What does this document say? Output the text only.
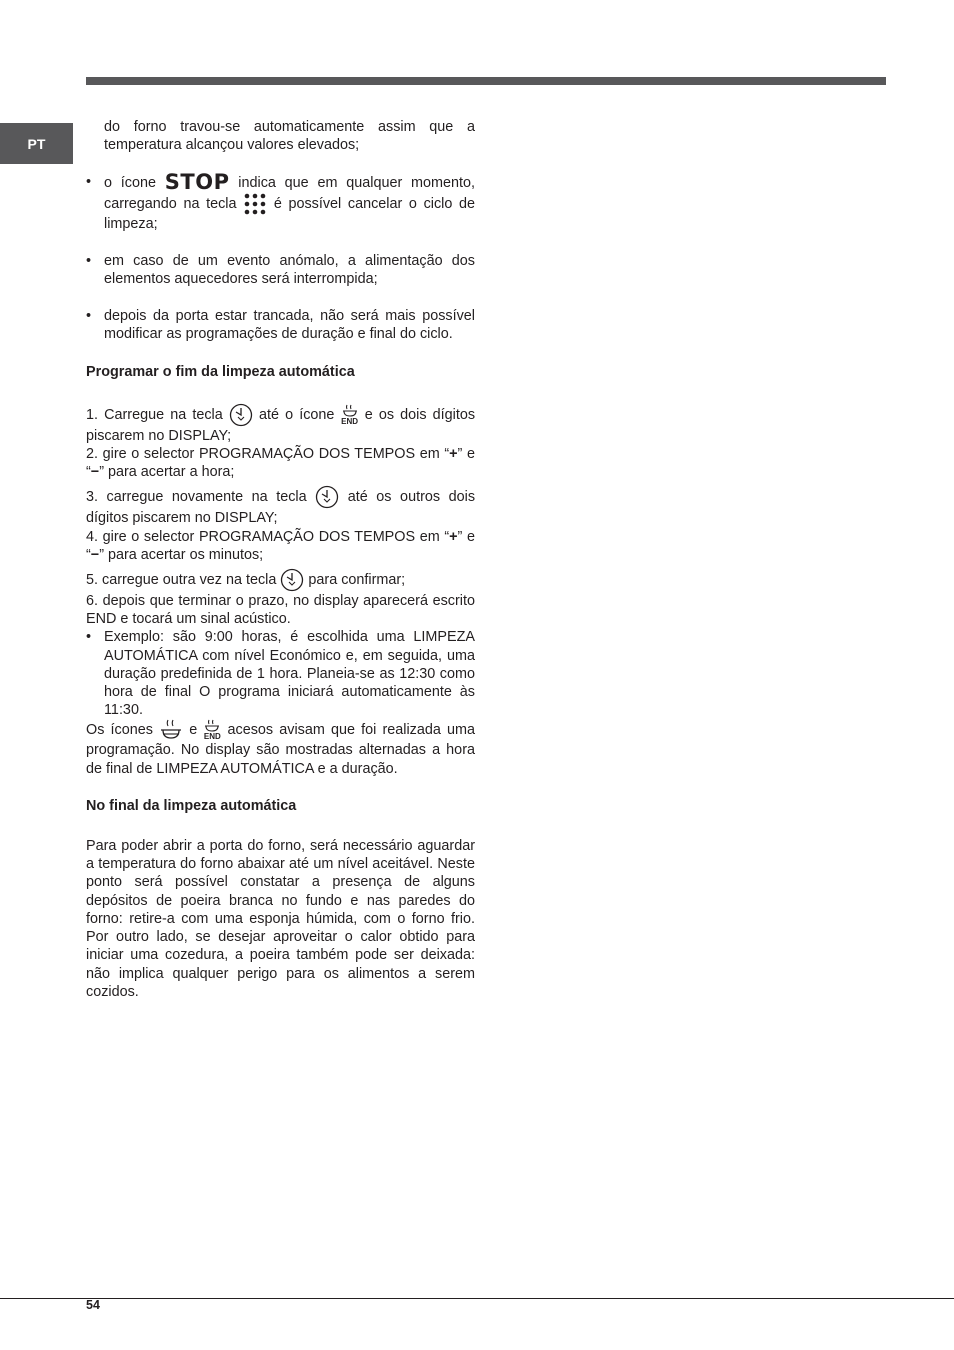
PT

do forno travou-se automaticamente assim que a temperatura alcançou valores elevados;

• o ícone STOP indica que em qualquer momento, carregando na tecla	é possível cancelar o ciclo de limpeza;

• em caso de um evento anómalo, a alimentação dos elementos aquecedores será interrompida;

• depois da porta estar trancada, não será mais possível modificar as programações de duração e final do ciclo.

Programar o fim da limpeza automática

1. Carregue na tecla	até o ícone END e os dois dígitos piscarem no DISPLAY;

2. gire o selector PROGRAMAÇÃO DOS TEMPOS em “+” e “−” para acertar a hora;

3. carregue novamente na tecla	até os outros dois dígitos piscarem no DISPLAY;

4. gire o selector PROGRAMAÇÃO DOS TEMPOS em “+” e “−” para acertar os minutos;

5. carregue outra vez na tecla para confirmar;

6. depois que terminar o prazo, no display aparecerá escrito END e tocará um sinal acústico.

• Exemplo: são 9:00 horas, é escolhida uma LIMPEZA AUTOMÁTICA com nível Económico e, em seguida, uma duração predefinida de 1 hora. Planeia-se as 12:30 como hora de final O programa iniciará automaticamente às 11:30.

Os ícones	e END acesos avisam que foi realizada uma programação. No display são mostradas alternadas a hora de final de LIMPEZA AUTOMÁTICA e a duração.

No final da limpeza automática

Para poder abrir a porta do forno, será necessário aguardar a temperatura do forno abaixar até um nível aceitável. Neste ponto será possível constatar a presença de alguns depósitos de poeira branca no fundo e nas paredes do forno: retire-a com uma esponja húmida, com o forno frio. Por outro lado, se desejar aproveitar o calor obtido para iniciar uma cozedura, a poeira também pode ser deixada: não implica qualquer perigo para os alimentos a serem cozidos.

54
